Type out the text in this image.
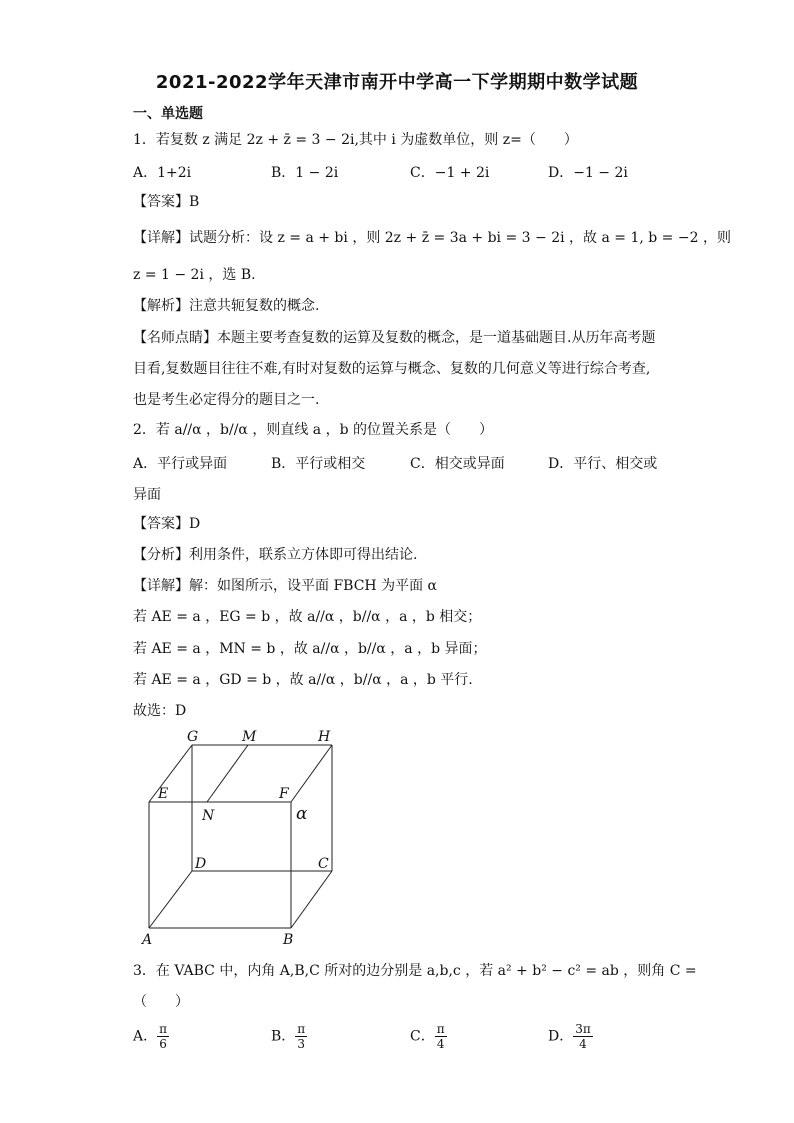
2021-2022学年天津市南开中学高一下学期期中数学试题
一、单选题
1．若复数 z 满足 2z + z̄ = 3 − 2i,其中 i 为虚数单位，则 z=（　　）
A．1+2i	B．1 − 2i	C．−1 + 2i	D．−1 − 2i
【答案】B
【详解】试题分析：设 z = a + bi ，则 2z + z̄ = 3a + bi = 3 − 2i ，故 a = 1, b = −2 ，则
z = 1 − 2i ，选 B.
【解析】注意共轭复数的概念.
【名师点睛】本题主要考查复数的运算及复数的概念，是一道基础题目.从历年高考题
目看,复数题目往往不难,有时对复数的运算与概念、复数的几何意义等进行综合考查,
也是考生必定得分的题目之一.
2．若 a//α ，b//α ，则直线 a ，b 的位置关系是（　　）
A．平行或异面	B．平行或相交	C．相交或异面	D．平行、相交或
异面
【答案】D
【分析】利用条件，联系立方体即可得出结论.
【详解】解：如图所示，设平面 FBCH 为平面 α
若 AE = a ，EG = b ，故 a//α ，b//α ，a ，b 相交；
若 AE = a ，MN = b ，故 a//α ，b//α ，a ，b 异面；
若 AE = a ，GD = b ，故 a//α ，b//α ，a ，b 平行.
故选：D
G	M	H
E	F
N	α
D	C
A	B
3．在 VABC 中，内角 A,B,C 所对的边分别是 a,b,c ，若 a² + b² − c² = ab ，则角 C =
（　　）
A． $\frac{\pi}{6}$	B． $\frac{\pi}{3}$	C． $\frac{\pi}{4}$	D． $\frac{3\pi}{4}$
